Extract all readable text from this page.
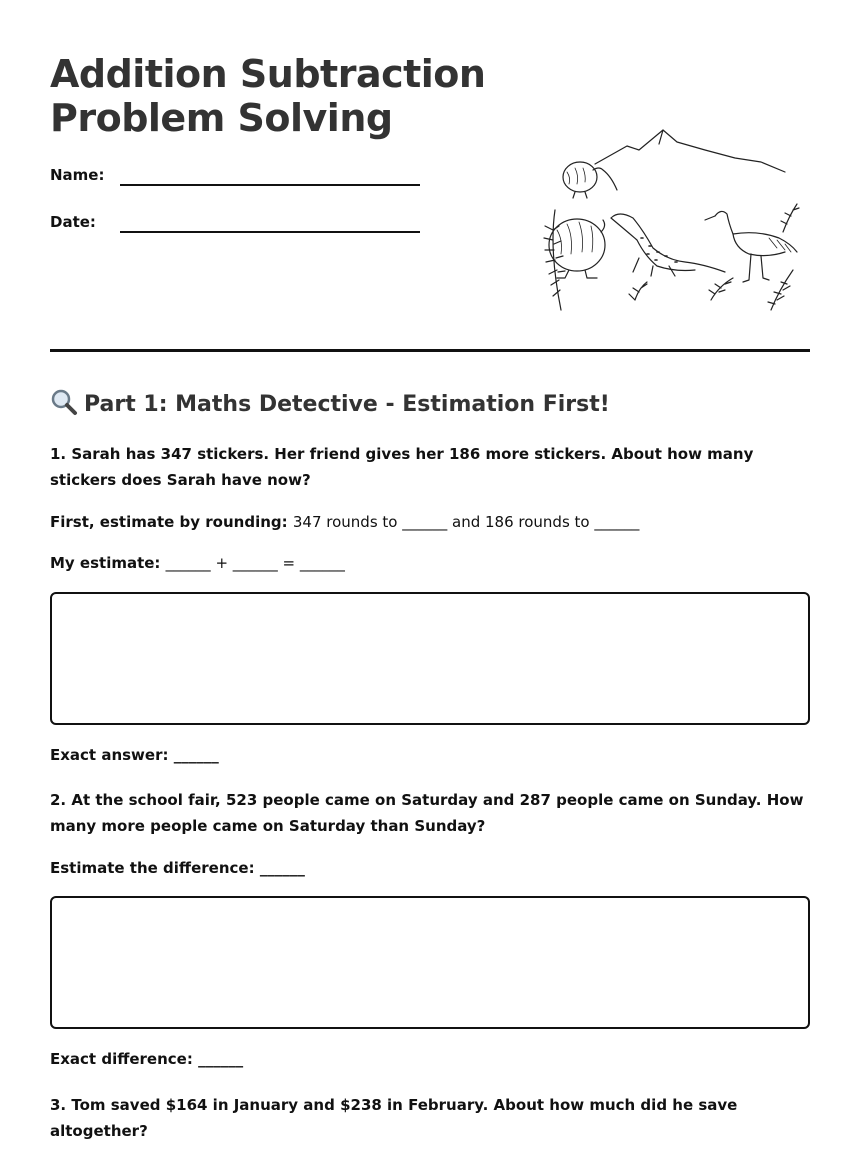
Addition Subtraction
Problem Solving
Name:
Date:
Part 1: Maths Detective - Estimation First!

1. Sarah has 347 stickers. Her friend gives her 186 more stickers. About how many stickers does Sarah have now?

First, estimate by rounding: 347 rounds to ______ and 186 rounds to ______

My estimate: ______ + ______ = ______

Exact answer: ______

2. At the school fair, 523 people came on Saturday and 287 people came on Sunday. How many more people came on Saturday than Sunday?

Estimate the difference: ______

Exact difference: ______

3. Tom saved $164 in January and $238 in February. About how much did he save altogether?
